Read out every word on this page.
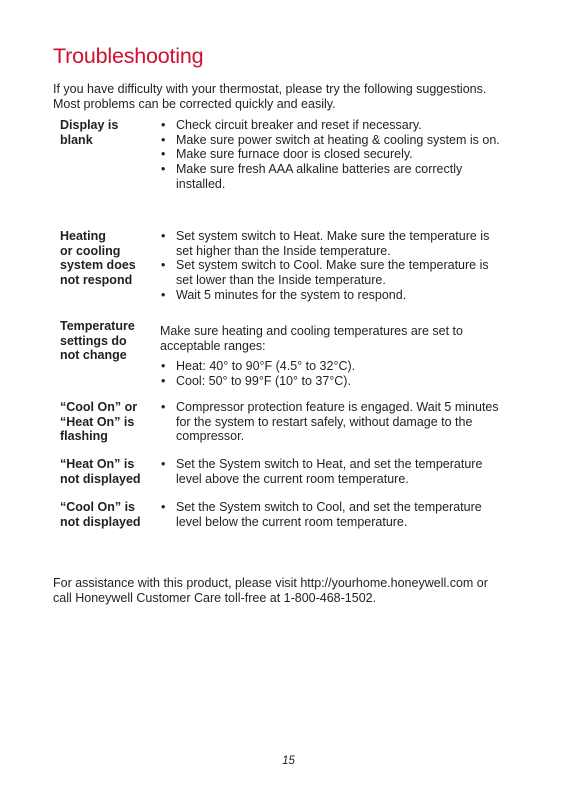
Troubleshooting
If you have difficulty with your thermostat, please try the following suggestions.
Most problems can be corrected quickly and easily.
Display is
blank
• Check circuit breaker and reset if necessary.
• Make sure power switch at heating & cooling system is on.
• Make sure furnace door is closed securely.
• Make sure fresh AAA alkaline batteries are correctly
installed.
Heating
or cooling
system does
not respond
• Set system switch to Heat. Make sure the temperature is
set higher than the Inside temperature.
• Set system switch to Cool. Make sure the temperature is
set lower than the Inside temperature.
• Wait 5 minutes for the system to respond.
Temperature
settings do
not change

Make sure heating and cooling temperatures are set to
acceptable ranges:

• Heat: 40° to 90°F (4.5° to 32°C).
• Cool: 50° to 99°F (10° to 37°C).
“Cool On” or
“Heat On” is
flashing
• Compressor protection feature is engaged. Wait 5 minutes
for the system to restart safely, without damage to the
compressor.
“Heat On” is
not displayed
• Set the System switch to Heat, and set the temperature
level above the current room temperature.
“Cool On” is
not displayed
• Set the System switch to Cool, and set the temperature
level below the current room temperature.
For assistance with this product, please visit http://yourhome.honeywell.com or
call Honeywell Customer Care toll-free at 1-800-468-1502.
15
